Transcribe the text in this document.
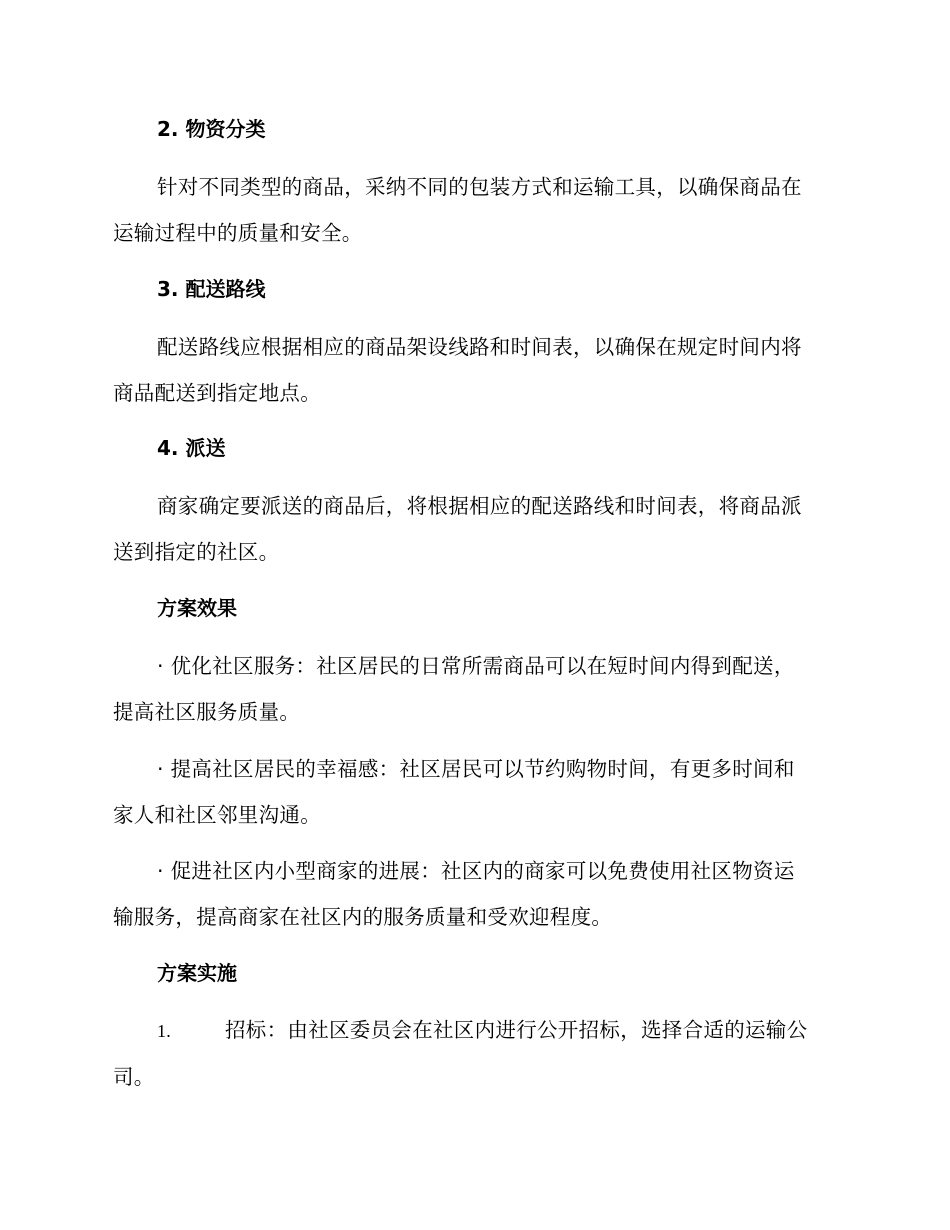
2. 物资分类
针对不同类型的商品，采纳不同的包装方式和运输工具，以确保商品在
运输过程中的质量和安全。
3. 配送路线
配送路线应根据相应的商品架设线路和时间表，以确保在规定时间内将
商品配送到指定地点。
4. 派送
商家确定要派送的商品后，将根据相应的配送路线和时间表，将商品派
送到指定的社区。
方案效果
· 优化社区服务：社区居民的日常所需商品可以在短时间内得到配送，
提高社区服务质量。
· 提高社区居民的幸福感：社区居民可以节约购物时间，有更多时间和
家人和社区邻里沟通。
· 促进社区内小型商家的进展：社区内的商家可以免费使用社区物资运
输服务，提高商家在社区内的服务质量和受欢迎程度。
方案实施
1.	招标：由社区委员会在社区内进行公开招标，选择合适的运输公
司。
